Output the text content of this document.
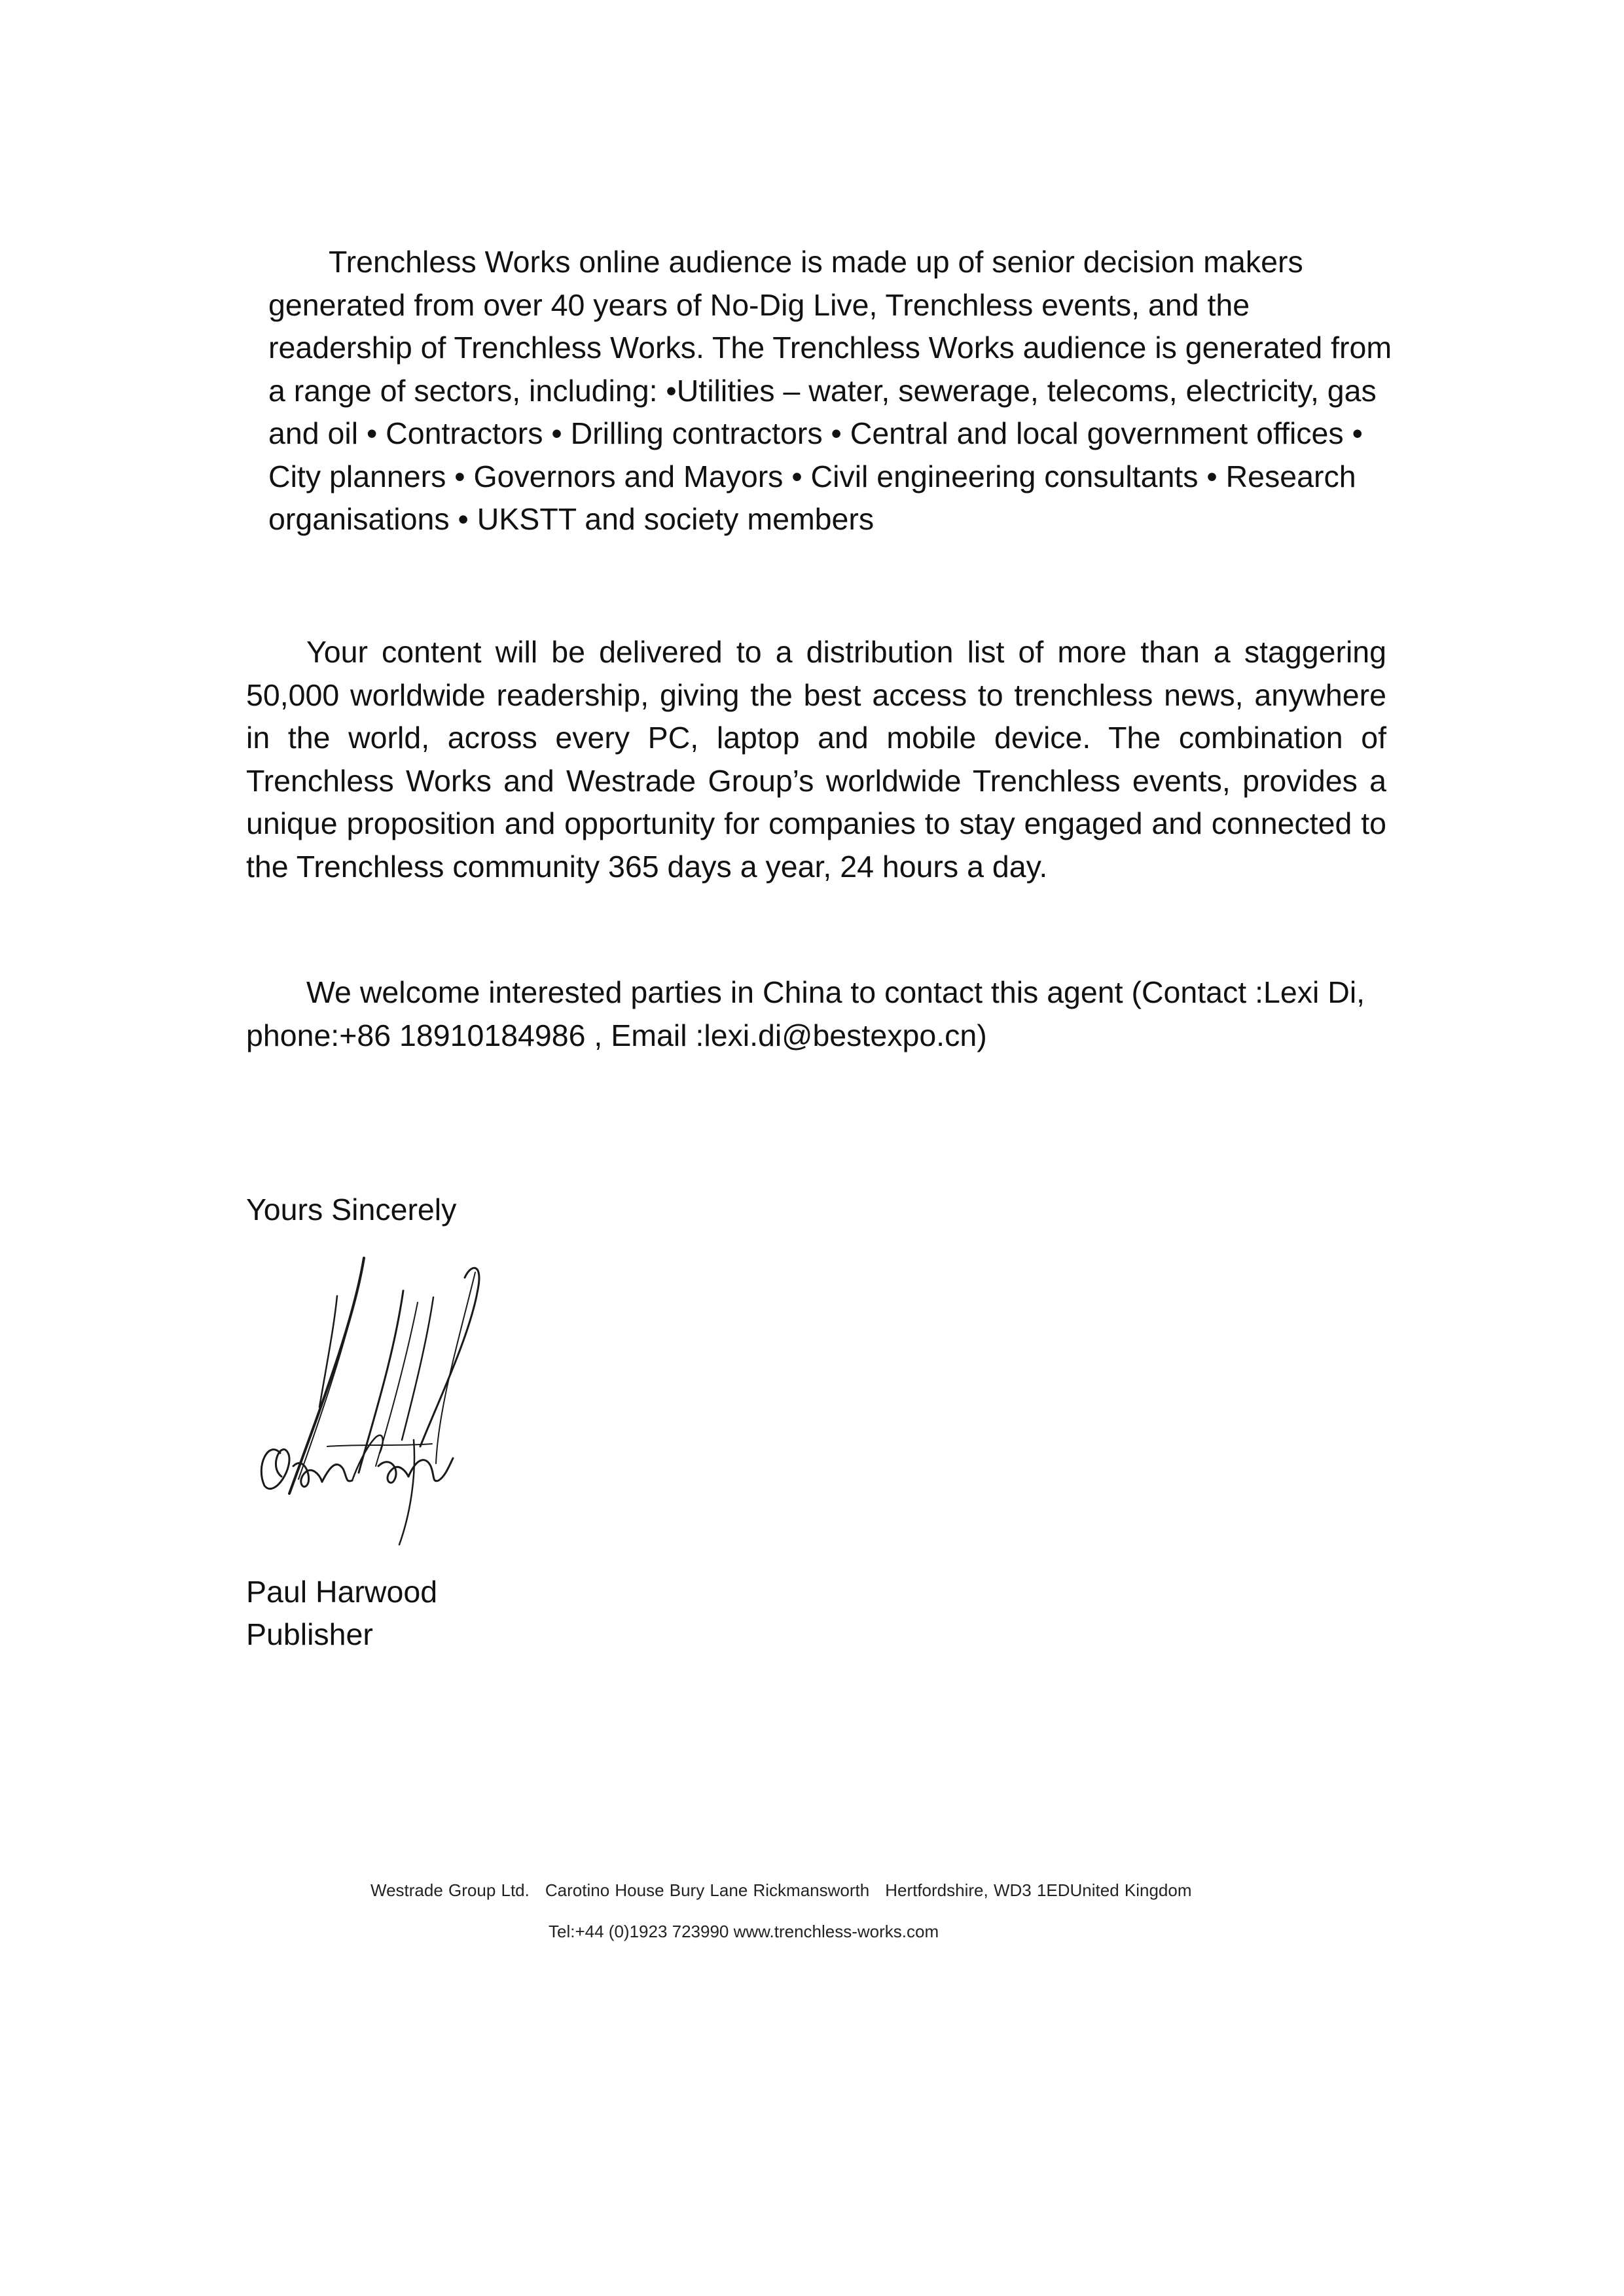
Trenchless Works online audience is made up of senior decision makers generated from over 40 years of No-Dig Live, Trenchless events, and the readership of Trenchless Works. The Trenchless Works audience is generated from a range of sectors, including: •Utilities – water, sewerage, telecoms, electricity, gas and oil • Contractors • Drilling contractors • Central and local government offices • City planners • Governors and Mayors • Civil engineering consultants • Research organisations • UKSTT and society members

Your content will be delivered to a distribution list of more than a staggering 50,000 worldwide readership, giving the best access to trenchless news, anywhere in the world, across every PC, laptop and mobile device. The combination of Trenchless Works and Westrade Group’s worldwide Trenchless events, provides a unique proposition and opportunity for companies to stay engaged and connected to the Trenchless community 365 days a year, 24 hours a day.

We welcome interested parties in China to contact this agent (Contact :Lexi Di, phone:+86 18910184986 , Email :lexi.di@bestexpo.cn)

Yours Sincerely
Paul Harwood
Publisher
Westrade Group Ltd. Carotino House Bury Lane Rickmansworth Hertfordshire, WD3 1EDUnited Kingdom
Tel:+44 (0)1923 723990 www.trenchless-works.com
